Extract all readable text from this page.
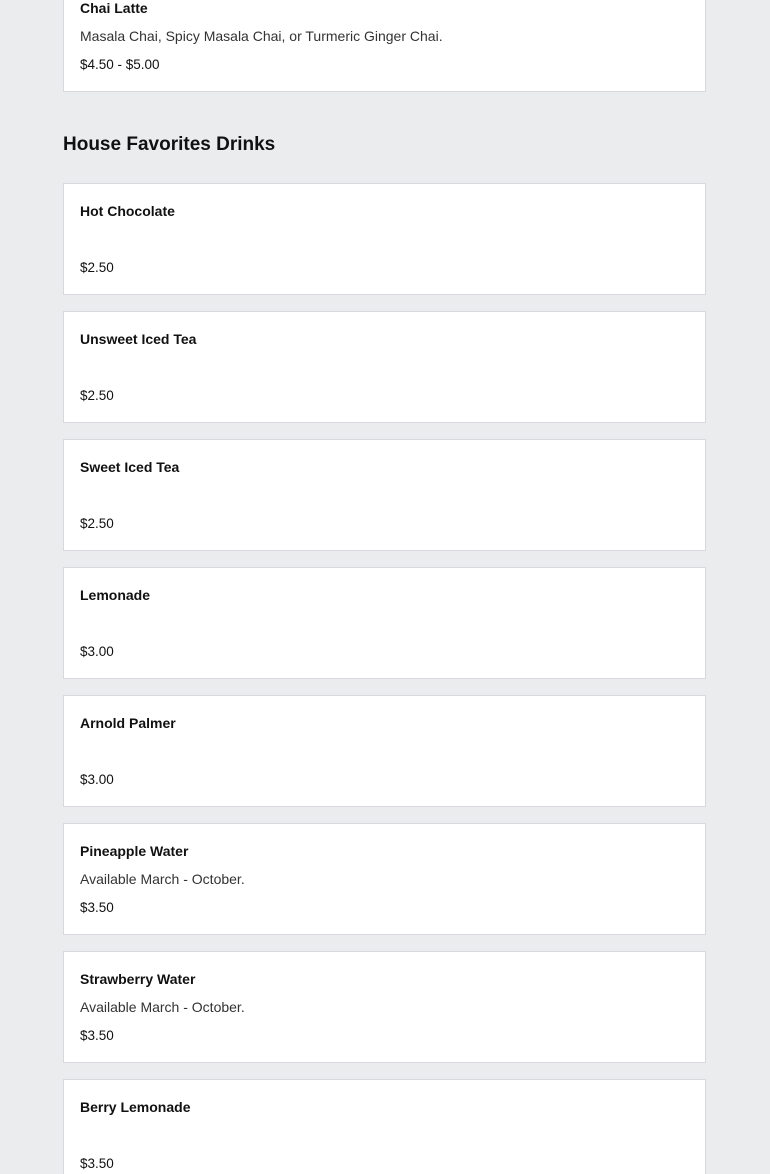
Chai Latte
Masala Chai, Spicy Masala Chai, or Turmeric Ginger Chai.
$4.50 - $5.00
House Favorites Drinks
Hot Chocolate
$2.50
Unsweet Iced Tea
$2.50
Sweet Iced Tea
$2.50
Lemonade
$3.00
Arnold Palmer
$3.00
Pineapple Water
Available March - October.
$3.50
Strawberry Water
Available March - October.
$3.50
Berry Lemonade
$3.50
